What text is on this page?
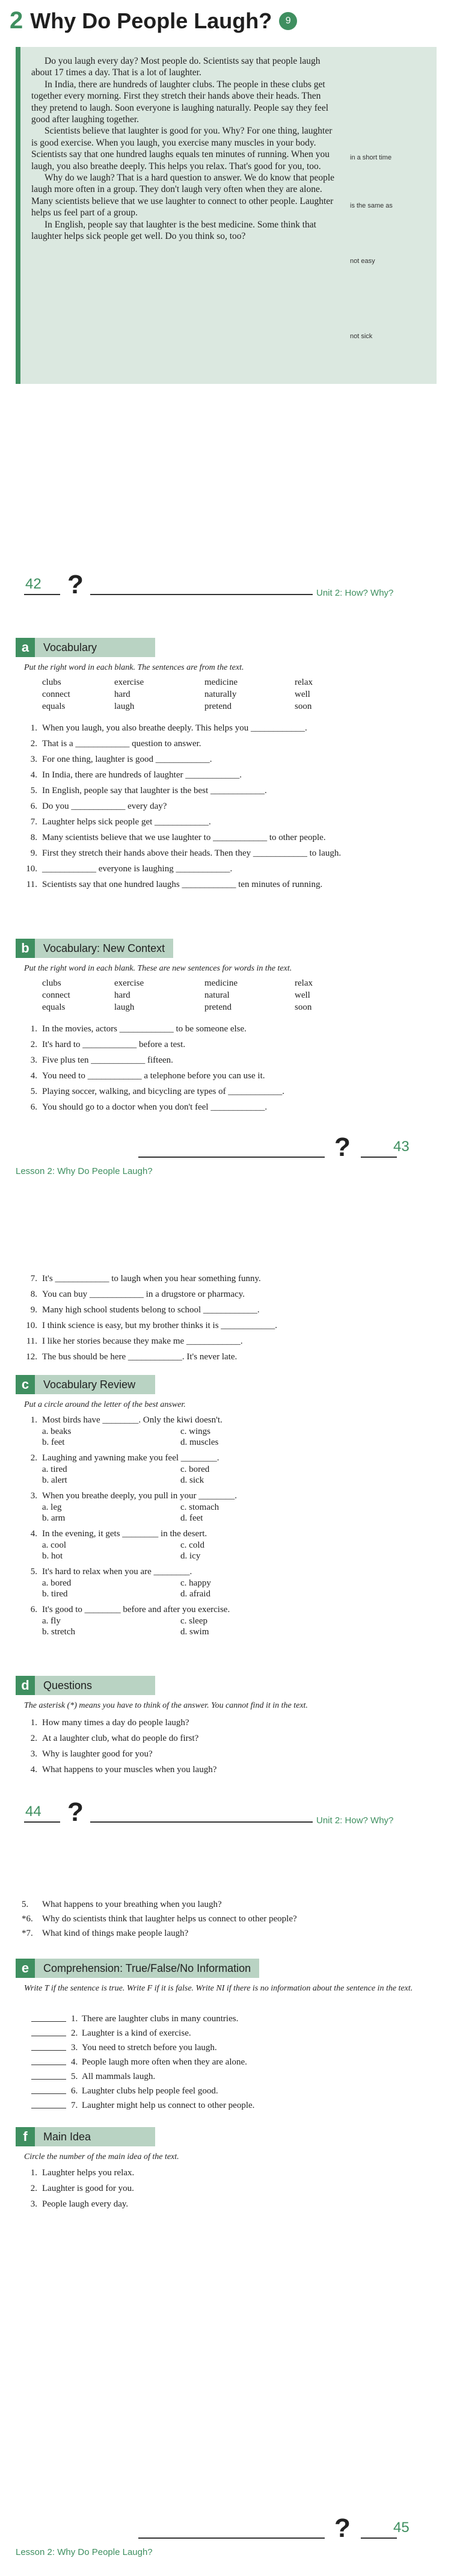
2 Why Do People Laugh?	9

Do you laugh every day? Most people do. Scientists say that people laugh about 17 times a day. That is a lot of laughter.

In India, there are hundreds of laughter clubs. The people in these clubs get together every morning. First they stretch their hands above their heads. Then they pretend to laugh. Soon everyone is laughing naturally. People say they feel good after laughing together.

Scientists believe that laughter is good for you. Why? For one thing, laughter is good exercise. When you laugh, you exercise many muscles in your body. Scientists say that one hundred laughs equals ten minutes of running. When you laugh, you also breathe deeply. This helps you relax. That's good for you, too.

Why do we laugh? That is a hard question to answer. We do know that people laugh more often in a group. They don't laugh very often when they are alone. Many scientists believe that we use laughter to connect to other people. Laughter helps us feel part of a group.

In English, people say that laughter is the best medicine. Some think that laughter helps sick people get well. Do you think so, too?

in a short time
is the same as
not easy
not sick
42 ?	Unit 2: How? Why?
a	Vocabulary
Put the right word in each blank. The sentences are from the text.
clubs	exercise	medicine	relax
connect	hard	naturally	well
equals	laugh	pretend	soon
1. When you laugh, you also breathe deeply. This helps you ____________.
2. That is a ____________ question to answer.
3. For one thing, laughter is good ____________.
4. In India, there are hundreds of laughter ____________.
5. In English, people say that laughter is the best ____________.
6. Do you ____________ every day?
7. Laughter helps sick people get ____________.
8. Many scientists believe that we use laughter to ____________ to other people.
9. First they stretch their hands above their heads. Then they ____________ to laugh.
10. ____________ everyone is laughing ____________.
11. Scientists say that one hundred laughs ____________ ten minutes of running.
b	Vocabulary: New Context
Put the right word in each blank. These are new sentences for words in the text.
clubs	exercise	medicine	relax
connect	hard	natural	well
equals	laugh	pretend	soon
1. In the movies, actors ____________ to be someone else.
2. It's hard to ____________ before a test.
3. Five plus ten ____________ fifteen.
4. You need to ____________ a telephone before you can use it.
5. Playing soccer, walking, and bicycling are types of ____________.
6. You should go to a doctor when you don't feel ____________.
?	43
Lesson 2: Why Do People Laugh?
7. It's ____________ to laugh when you hear something funny.
8. You can buy ____________ in a drugstore or pharmacy.
9. Many high school students belong to school ____________.
10. I think science is easy, but my brother thinks it is ____________.
11. I like her stories because they make me ____________.
12. The bus should be here ____________. It's never late.
c	Vocabulary Review
Put a circle around the letter of the best answer.
1. Most birds have ________. Only the kiwi doesn't.
a. beaks	c. wings
b. feet	d. muscles
2. Laughing and yawning make you feel ________.
a. tired	c. bored
b. alert	d. sick
3. When you breathe deeply, you pull in your ________.
a. leg	c. stomach
b. arm	d. feet
4. In the evening, it gets ________ in the desert.
a. cool	c. cold
b. hot	d. icy
5. It's hard to relax when you are ________.
a. bored	c. happy
b. tired	d. afraid
6. It's good to ________ before and after you exercise.
a. fly	c. sleep
b. stretch	d. swim
d	Questions
The asterisk (*) means you have to think of the answer. You cannot find it in the text.
1. How many times a day do people laugh?
2. At a laughter club, what do people do first?
3. Why is laughter good for you?
4. What happens to your muscles when you laugh?
44 ?	Unit 2: How? Why?
5.	What happens to your breathing when you laugh?
*6.	Why do scientists think that laughter helps us connect to other people?
*7.	What kind of things make people laugh?
e	Comprehension: True/False/No Information
Write T if the sentence is true. Write F if it is false. Write NI if there is no information about the sentence in the text.
1. There are laughter clubs in many countries.
2. Laughter is a kind of exercise.
3. You need to stretch before you laugh.
4. People laugh more often when they are alone.
5. All mammals laugh.
6. Laughter clubs help people feel good.
7. Laughter might help us connect to other people.
f	Main Idea
Circle the number of the main idea of the text.
1. Laughter helps you relax.
2. Laughter is good for you.
3. People laugh every day.
?	45
Lesson 2: Why Do People Laugh?
